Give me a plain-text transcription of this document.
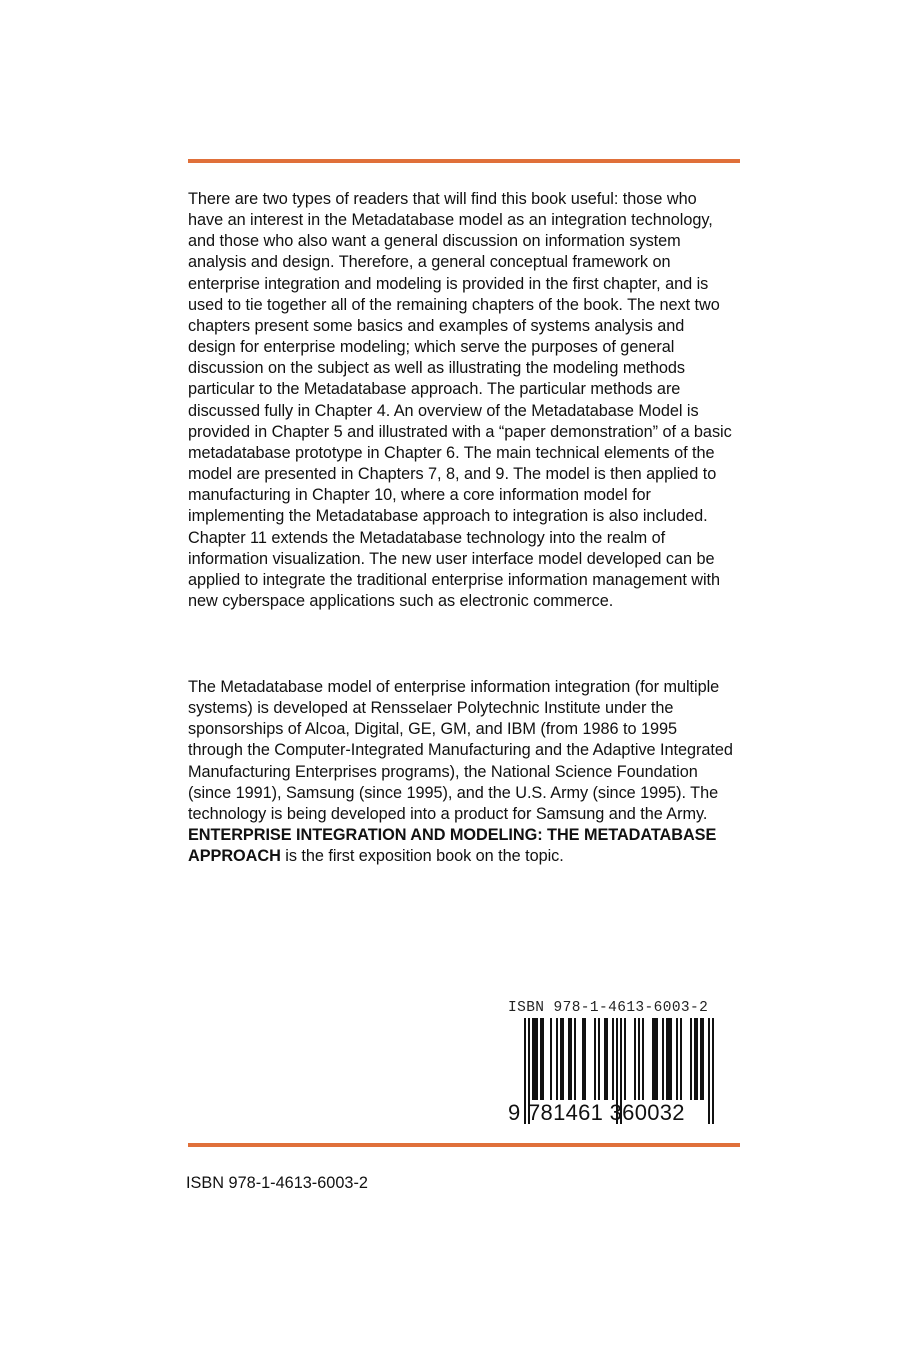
There are two types of readers that will find this book useful: those who have an interest in the Metadatabase model as an integration technology, and those who also want a general discussion on information system analysis and design. Therefore, a general conceptual framework on enterprise integration and modeling is provided in the first chapter, and is used to tie together all of the remaining chapters of the book. The next two chapters present some basics and examples of systems analysis and design for enterprise modeling; which serve the purposes of general discussion on the subject as well as illustrating the modeling methods particular to the Metadatabase approach. The particular methods are discussed fully in Chapter 4. An overview of the Metadatabase Model is provided in Chapter 5 and illustrated with a “paper demonstration” of a basic metadatabase prototype in Chapter 6. The main technical elements of the model are presented in Chapters 7, 8, and 9. The model is then applied to manufacturing in Chapter 10, where a core information model for implementing the Metadatabase approach to integration is also included. Chapter 11 extends the Metadatabase technology into the realm of information visualization. The new user interface model developed can be applied to integrate the traditional enterprise information management with new cyberspace applications such as electronic commerce.

The Metadatabase model of enterprise information integration (for multiple systems) is developed at Rensselaer Polytechnic Institute under the sponsorships of Alcoa, Digital, GE, GM, and IBM (from 1986 to 1995 through the Computer-Integrated Manufacturing and the Adaptive Integrated Manufacturing Enterprises programs), the National Science Foundation (since 1991), Samsung (since 1995), and the U.S. Army (since 1995). The technology is being developed into a product for Samsung and the Army. ENTERPRISE INTEGRATION AND MODELING: THE METADATABASE APPROACH is the first exposition book on the topic.

ISBN 978-1-4613-6003-2
9 781461 360032
ISBN 978-1-4613-6003-2
